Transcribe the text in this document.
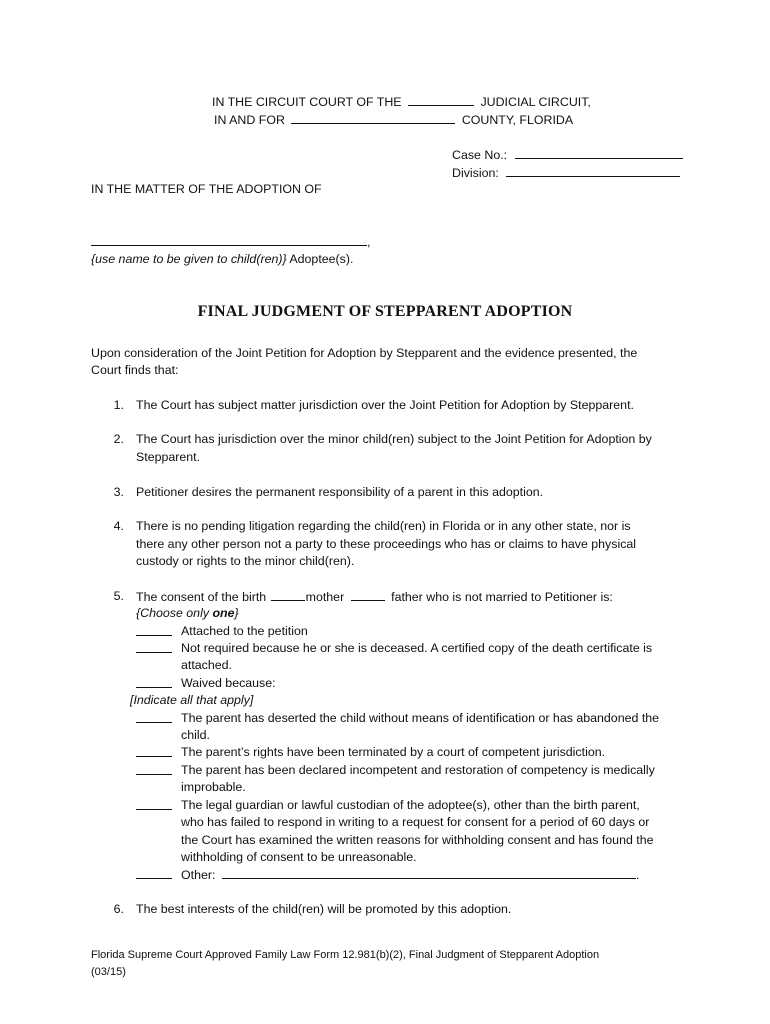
IN THE CIRCUIT COURT OF THE	JUDICIAL CIRCUIT,
IN AND FOR	COUNTY, FLORIDA
Case No.:
Division:
IN THE MATTER OF THE ADOPTION OF
,
{use name to be given to child(ren)} Adoptee(s).
FINAL JUDGMENT OF STEPPARENT ADOPTION
Upon consideration of the Joint Petition for Adoption by Stepparent and the evidence presented, the
Court finds that:
1. The Court has subject matter jurisdiction over the Joint Petition for Adoption by Stepparent.
2. The Court has jurisdiction over the minor child(ren) subject to the Joint Petition for Adoption by
Stepparent.
3. Petitioner desires the permanent responsibility of a parent in this adoption.
4. There is no pending litigation regarding the child(ren) in Florida or in any other state, nor is
there any other person not a party to these proceedings who has or claims to have physical
custody or rights to the minor child(ren).
5. The consent of the birth	mother	father who is not married to Petitioner is:
{Choose only one}
Attached to the petition
Not required because he or she is deceased. A certified copy of the death certificate is
attached.
Waived because:
[Indicate all that apply]
The parent has deserted the child without means of identification or has abandoned the
child.
The parent’s rights have been terminated by a court of competent jurisdiction.
The parent has been declared incompetent and restoration of competency is medically
improbable.
The legal guardian or lawful custodian of the adoptee(s), other than the birth parent,
who has failed to respond in writing to a request for consent for a period of 60 days or
the Court has examined the written reasons for withholding consent and has found the
withholding of consent to be unreasonable.
Other:	.
6. The best interests of the child(ren) will be promoted by this adoption.
Florida Supreme Court Approved Family Law Form 12.981(b)(2), Final Judgment of Stepparent Adoption
(03/15)
